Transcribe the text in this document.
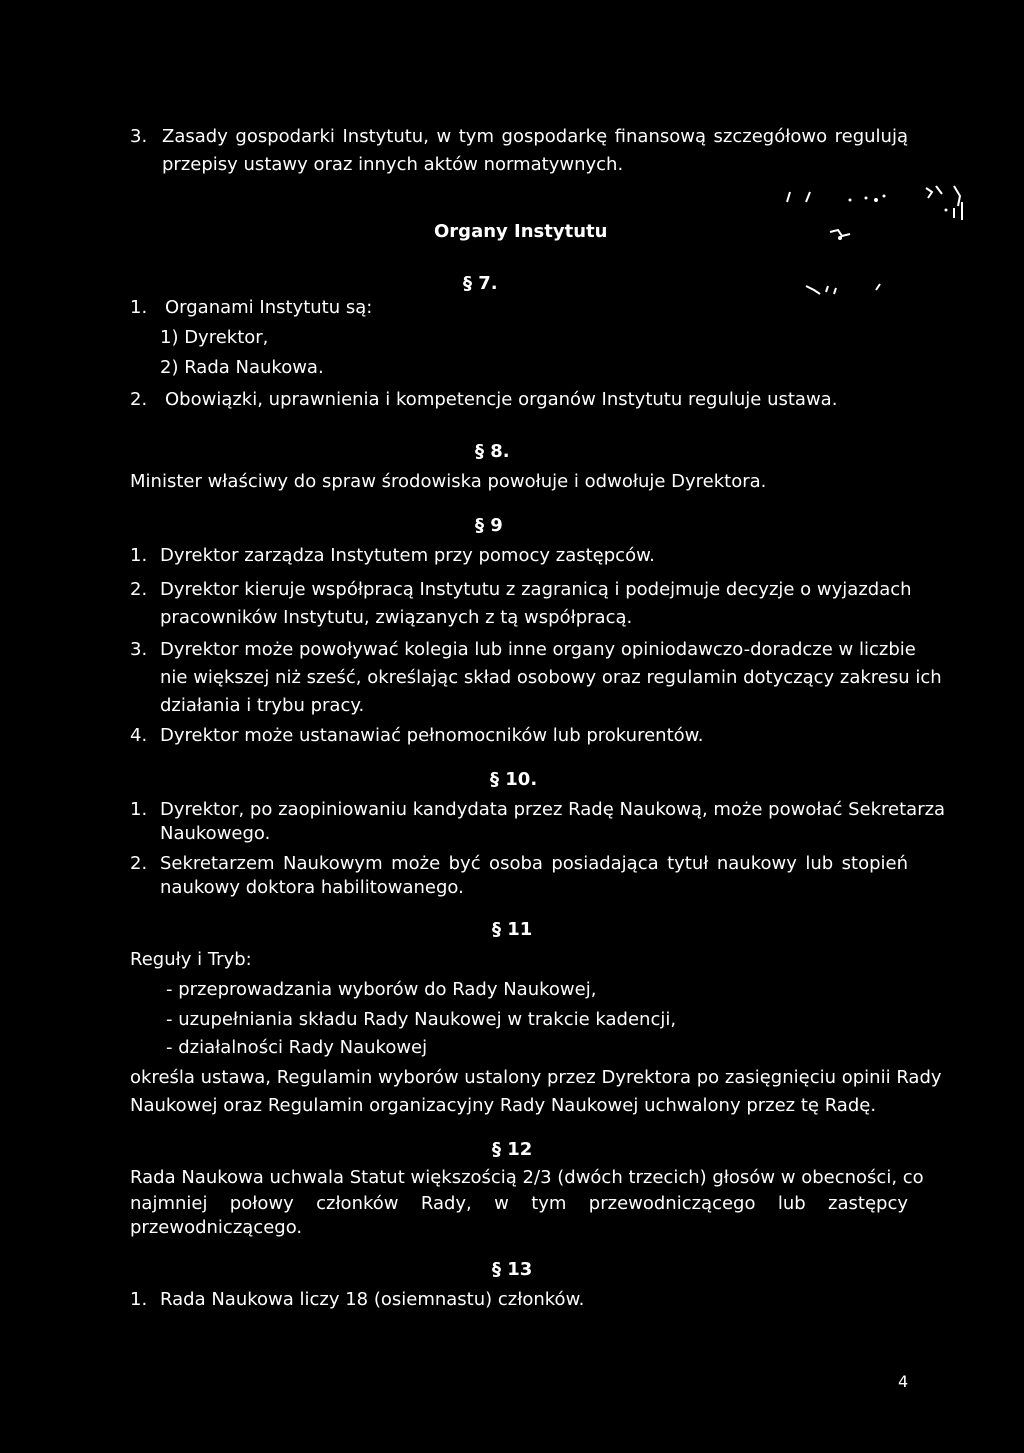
3. Zasady gospodarki Instytutu, w tym gospodarkę finansową szczegółowo regulują
przepisy ustawy oraz innych aktów normatywnych.
Organy Instytutu
§ 7.
1. Organami Instytutu są:
1) Dyrektor,
2) Rada Naukowa.
2. Obowiązki, uprawnienia i kompetencje organów Instytutu reguluje ustawa.
§ 8.
Minister właściwy do spraw środowiska powołuje i odwołuje Dyrektora.
§ 9
1. Dyrektor zarządza Instytutem przy pomocy zastępców.
2. Dyrektor kieruje współpracą Instytutu z zagranicą i podejmuje decyzje o wyjazdach
pracowników Instytutu, związanych z tą współpracą.
3. Dyrektor może powoływać kolegia lub inne organy opiniodawczo-doradcze w liczbie
nie większej niż sześć, określając skład osobowy oraz regulamin dotyczący zakresu ich
działania i trybu pracy.
4. Dyrektor może ustanawiać pełnomocników lub prokurentów.
§ 10.
1. Dyrektor, po zaopiniowaniu kandydata przez Radę Naukową, może powołać Sekretarza
Naukowego.
2. Sekretarzem Naukowym może być osoba posiadająca tytuł naukowy lub stopień
naukowy doktora habilitowanego.
§ 11
Reguły i Tryb:
- przeprowadzania wyborów do Rady Naukowej,
- uzupełniania składu Rady Naukowej w trakcie kadencji,
- działalności Rady Naukowej
określa ustawa, Regulamin wyborów ustalony przez Dyrektora po zasięgnięciu opinii Rady
Naukowej oraz Regulamin organizacyjny Rady Naukowej uchwalony przez tę Radę.
§ 12
Rada Naukowa uchwala Statut większością 2/3 (dwóch trzecich) głosów w obecności, co
najmniej połowy członków Rady, w tym przewodniczącego lub zastępcy
przewodniczącego.
§ 13
1. Rada Naukowa liczy 18 (osiemnastu) członków.
4
